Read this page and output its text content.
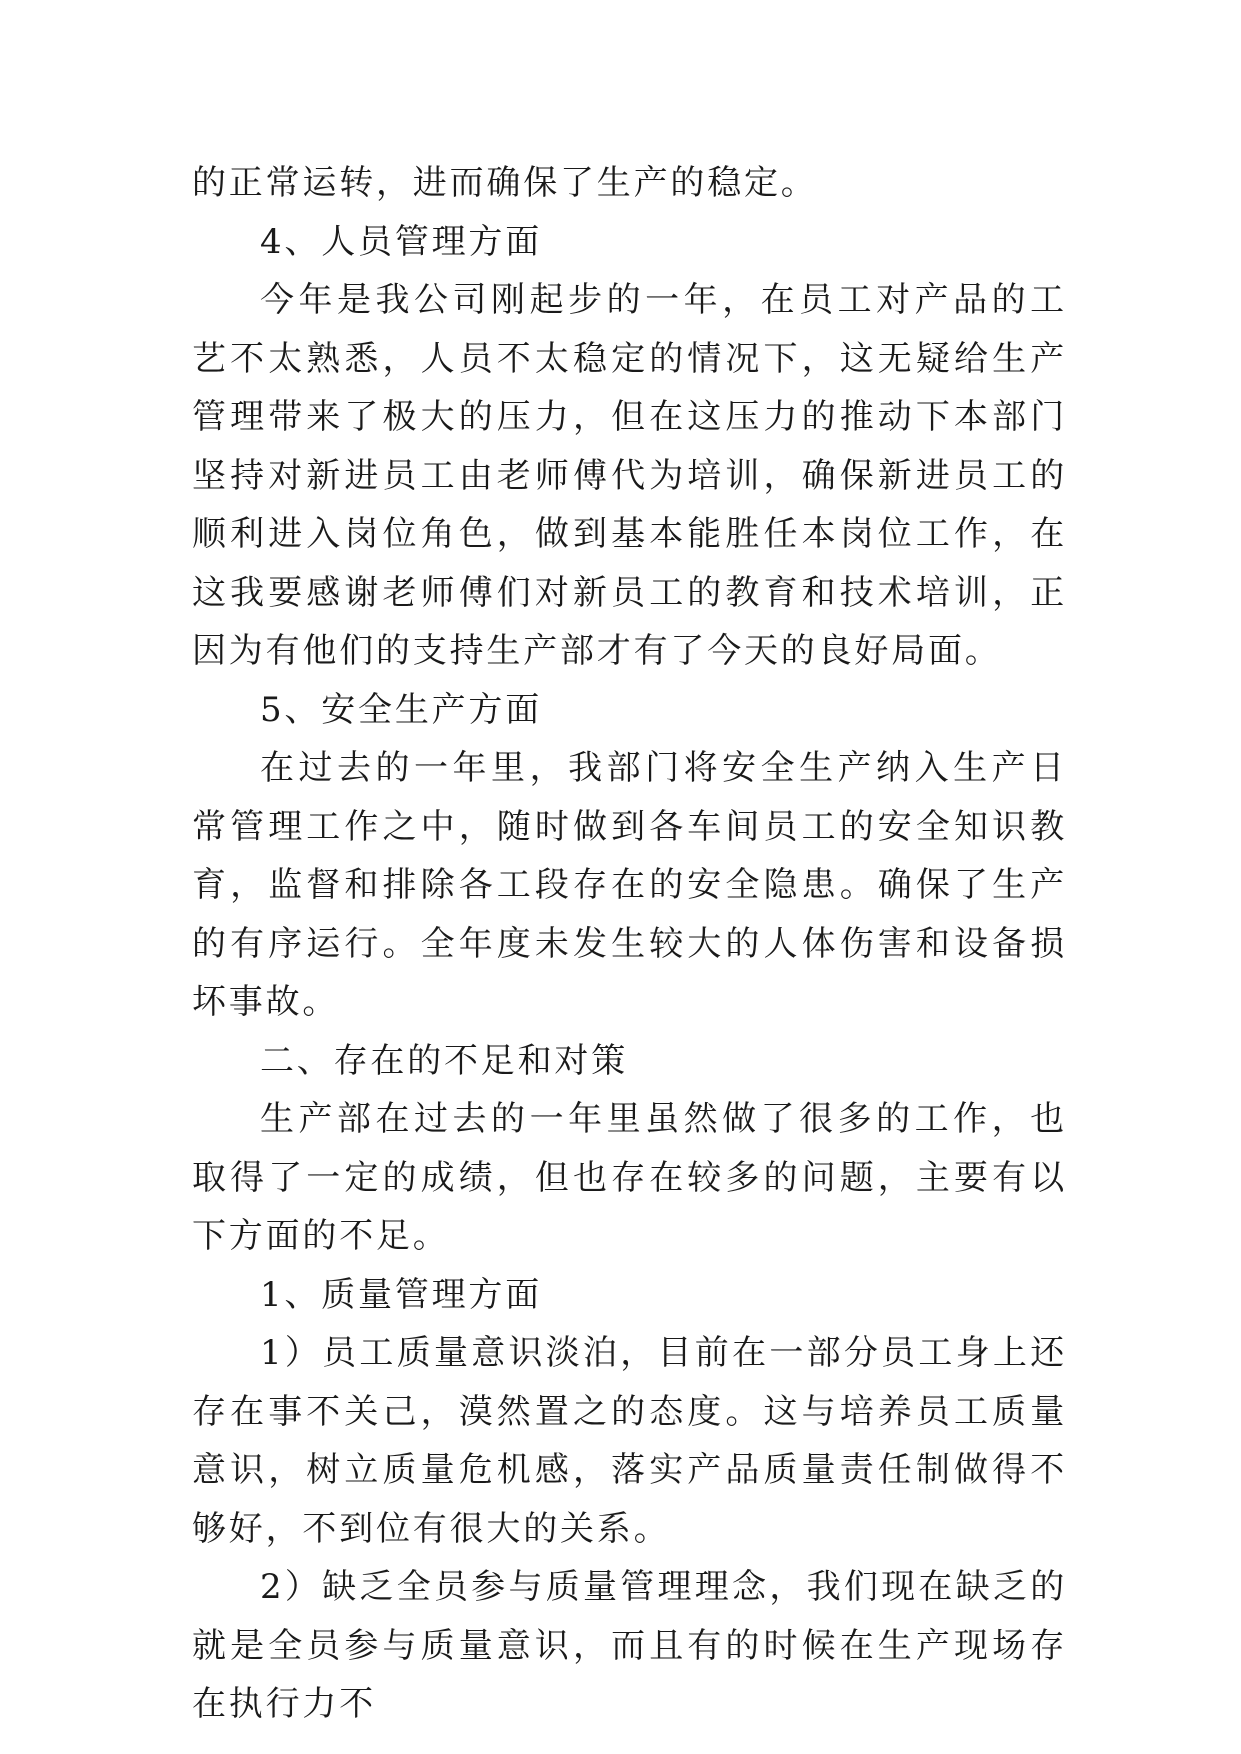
的正常运转，进而确保了生产的稳定。

4、人员管理方面

今年是我公司刚起步的一年，在员工对产品的工艺不太熟悉，人员不太稳定的情况下，这无疑给生产管理带来了极大的压力，但在这压力的推动下本部门坚持对新进员工由老师傅代为培训，确保新进员工的顺利进入岗位角色，做到基本能胜任本岗位工作，在这我要感谢老师傅们对新员工的教育和技术培训，正因为有他们的支持生产部才有了今天的良好局面。

5、安全生产方面

在过去的一年里，我部门将安全生产纳入生产日常管理工作之中，随时做到各车间员工的安全知识教育，监督和排除各工段存在的安全隐患。确保了生产的有序运行。全年度未发生较大的人体伤害和设备损坏事故。

二、存在的不足和对策

生产部在过去的一年里虽然做了很多的工作，也取得了一定的成绩，但也存在较多的问题，主要有以下方面的不足。

1、质量管理方面

1）员工质量意识淡泊，目前在一部分员工身上还存在事不关己，漠然置之的态度。这与培养员工质量意识，树立质量危机感，落实产品质量责任制做得不够好，不到位有很大的关系。

2）缺乏全员参与质量管理理念，我们现在缺乏的就是全员参与质量意识，而且有的时候在生产现场存在执行力不
